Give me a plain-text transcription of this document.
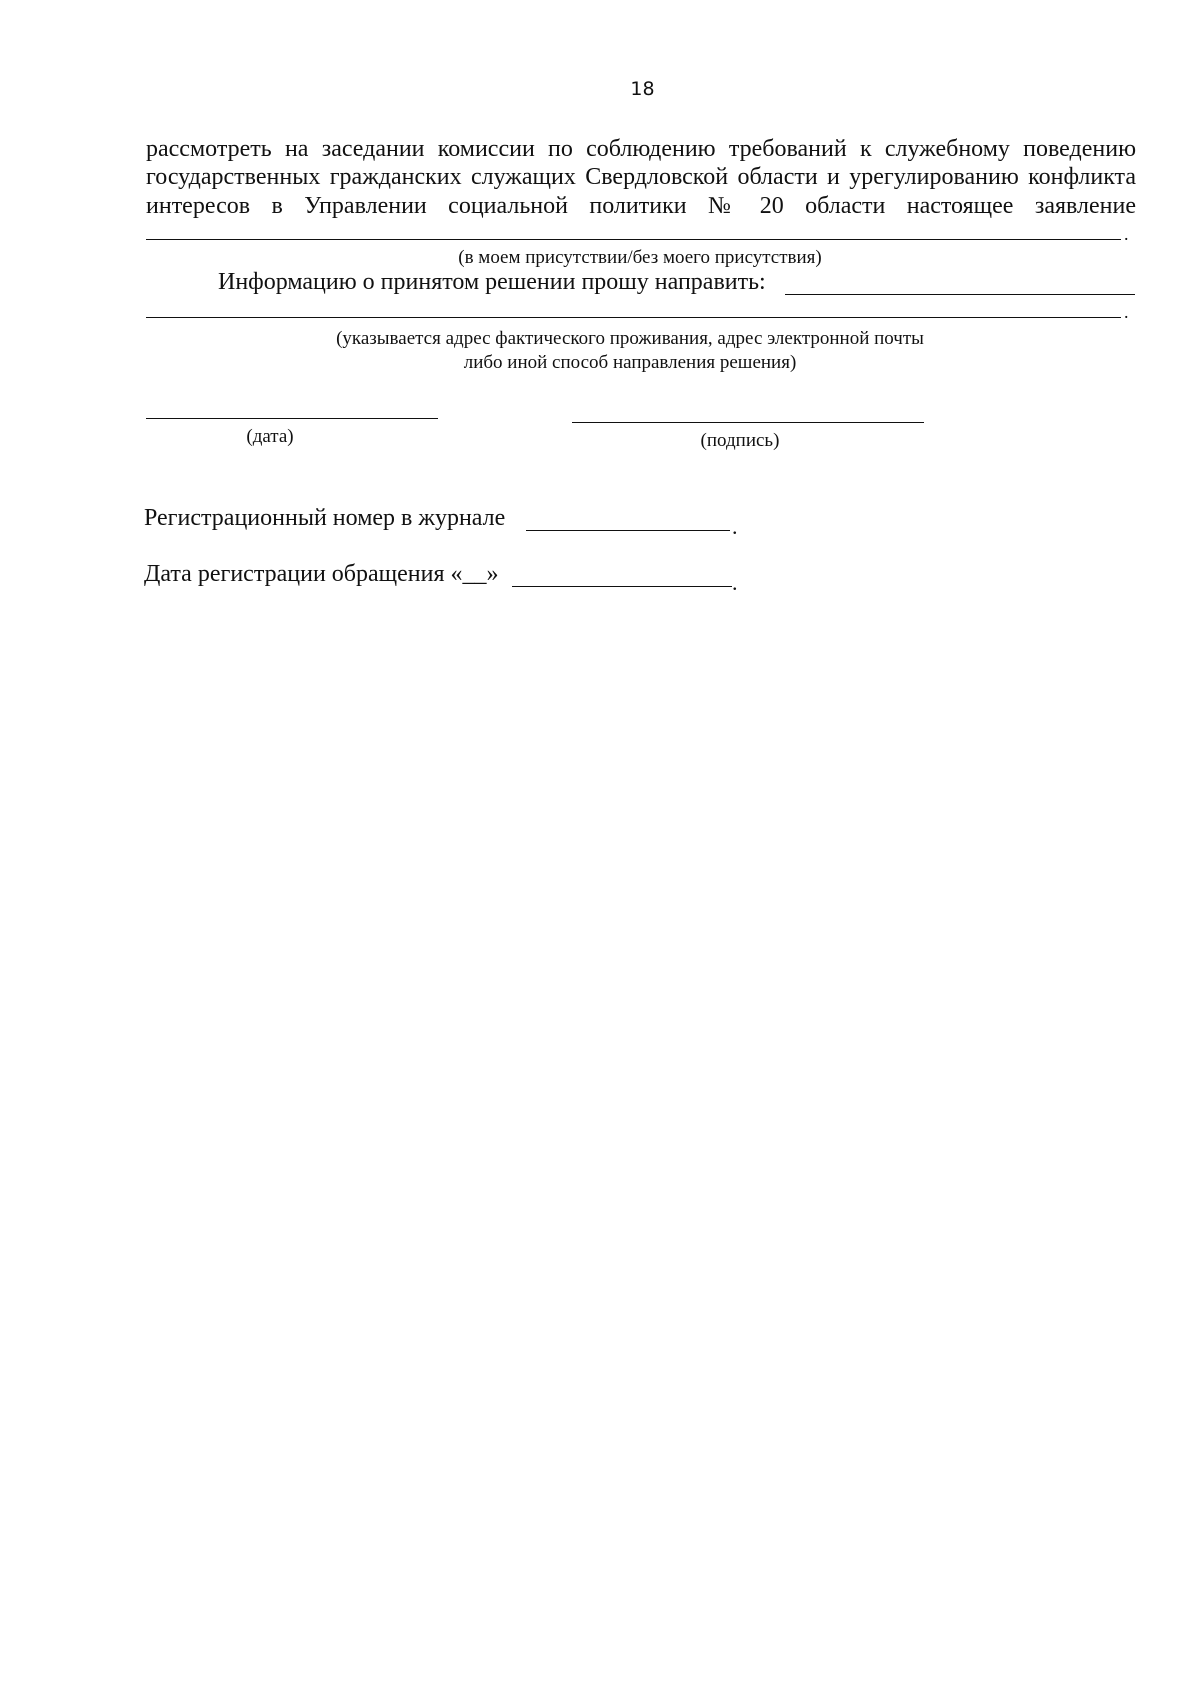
18
рассмотреть на заседании комиссии по соблюдению требований к служебному поведению
государственных гражданских служащих Свердловской области и урегулированию конфликта
интересов в Управлении социальной политики № 20 области настоящее заявление
.
(в моем присутствии/без моего присутствия)
Информацию о принятом решении прошу направить:
.
(указывается адрес фактического проживания, адрес электронной почты
либо иной способ направления решения)
(дата)	(подпись)
Регистрационный номер в журнале	.
Дата регистрации обращения «__»	.
